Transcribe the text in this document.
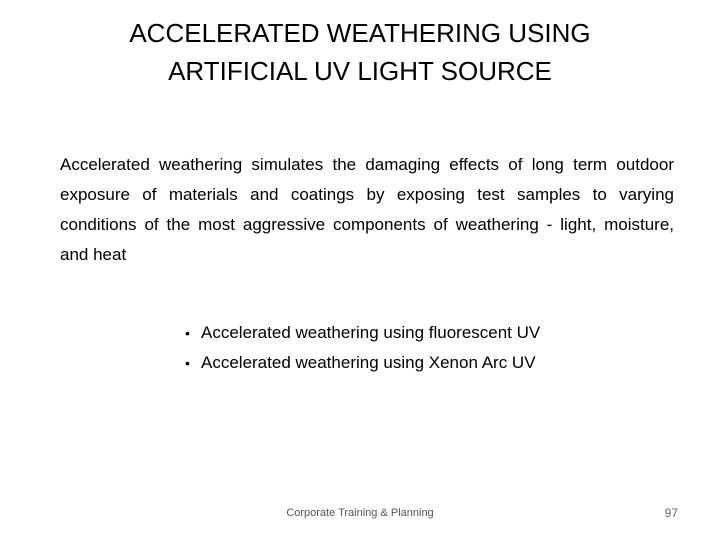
ACCELERATED WEATHERING USING
ARTIFICIAL UV LIGHT SOURCE

Accelerated weathering simulates the damaging effects of long term outdoor exposure of materials and coatings by exposing test samples to varying conditions of the most aggressive components of weathering - light, moisture, and heat

• Accelerated weathering using fluorescent UV
• Accelerated weathering using Xenon Arc UV
Corporate Training & Planning	97
